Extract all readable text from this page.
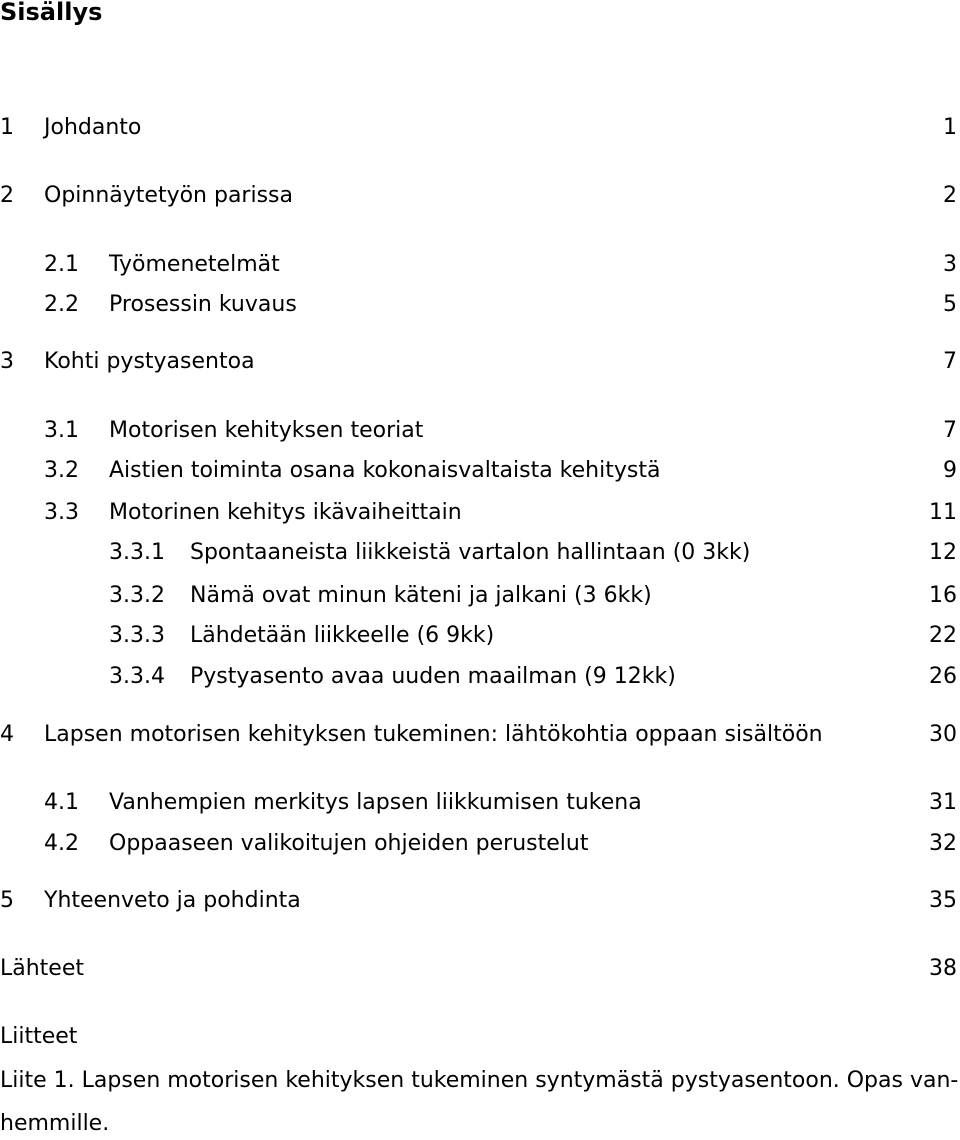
Sisällys
1 Johdanto	1
2 Opinnäytetyön parissa	2
2.1 Työmenetelmät	3
2.2 Prosessin kuvaus	5
3 Kohti pystyasentoa	7
3.1 Motorisen kehityksen teoriat	7
3.2 Aistien toiminta osana kokonaisvaltaista kehitystä	9
3.3 Motorinen kehitys ikävaiheittain	11
3.3.1 Spontaaneista liikkeistä vartalon hallintaan (0 3kk)	12
3.3.2 Nämä ovat minun käteni ja jalkani (3 6kk)	16
3.3.3 Lähdetään liikkeelle (6 9kk)	22
3.3.4 Pystyasento avaa uuden maailman (9 12kk)	26
4 Lapsen motorisen kehityksen tukeminen: lähtökohtia oppaan sisältöön	30
4.1 Vanhempien merkitys lapsen liikkumisen tukena	31
4.2 Oppaaseen valikoitujen ohjeiden perustelut	32
5 Yhteenveto ja pohdinta	35
Lähteet	38
Liitteet
Liite 1. Lapsen motorisen kehityksen tukeminen syntymästä pystyasentoon. Opas van-
hemmille.
